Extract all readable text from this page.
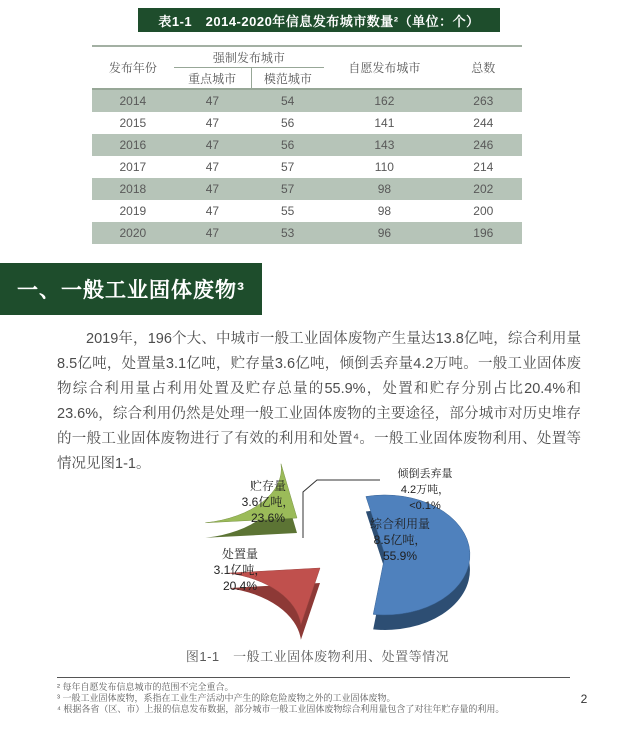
表1-1　2014-2020年信息发布城市数量²（单位：个）
发布年份	强制发布城市		自愿发布城市	总数
	重点城市	模范城市		
2014	47	54	162	263
2015	47	56	141	244
2016	47	56	143	246
2017	47	57	110	214
2018	47	57	98	202
2019	47	55	98	200
2020	47	53	96	196
一、一般工业固体废物³

2019年，196个大、中城市一般工业固体废物产生量达13.8亿吨，综合利用量8.5亿吨，处置量3.1亿吨，贮存量3.6亿吨，倾倒丢弃量4.2万吨。一般工业固体废物综合利用量占利用处置及贮存总量的55.9%，处置和贮存分别占比20.4%和23.6%，综合利用仍然是处理一般工业固体废物的主要途径，部分城市对历史堆存的一般工业固体废物进行了有效的利用和处置⁴。一般工业固体废物利用、处置等情况见图1-1。

倾倒丢弃量
4.2万吨，
<0.1%
综合利用量
8.5亿吨，
55.9%
贮存量
3.6亿吨，
23.6%
处置量
3.1亿吨，
20.4%
图1-1　一般工业固体废物利用、处置等情况
² 每年自愿发布信息城市的范围不完全重合。
³ 一般工业固体废物，系指在工业生产活动中产生的除危险废物之外的工业固体废物。
⁴ 根据各省（区、市）上报的信息发布数据，部分城市一般工业固体废物综合利用量包含了对往年贮存量的利用。
2
